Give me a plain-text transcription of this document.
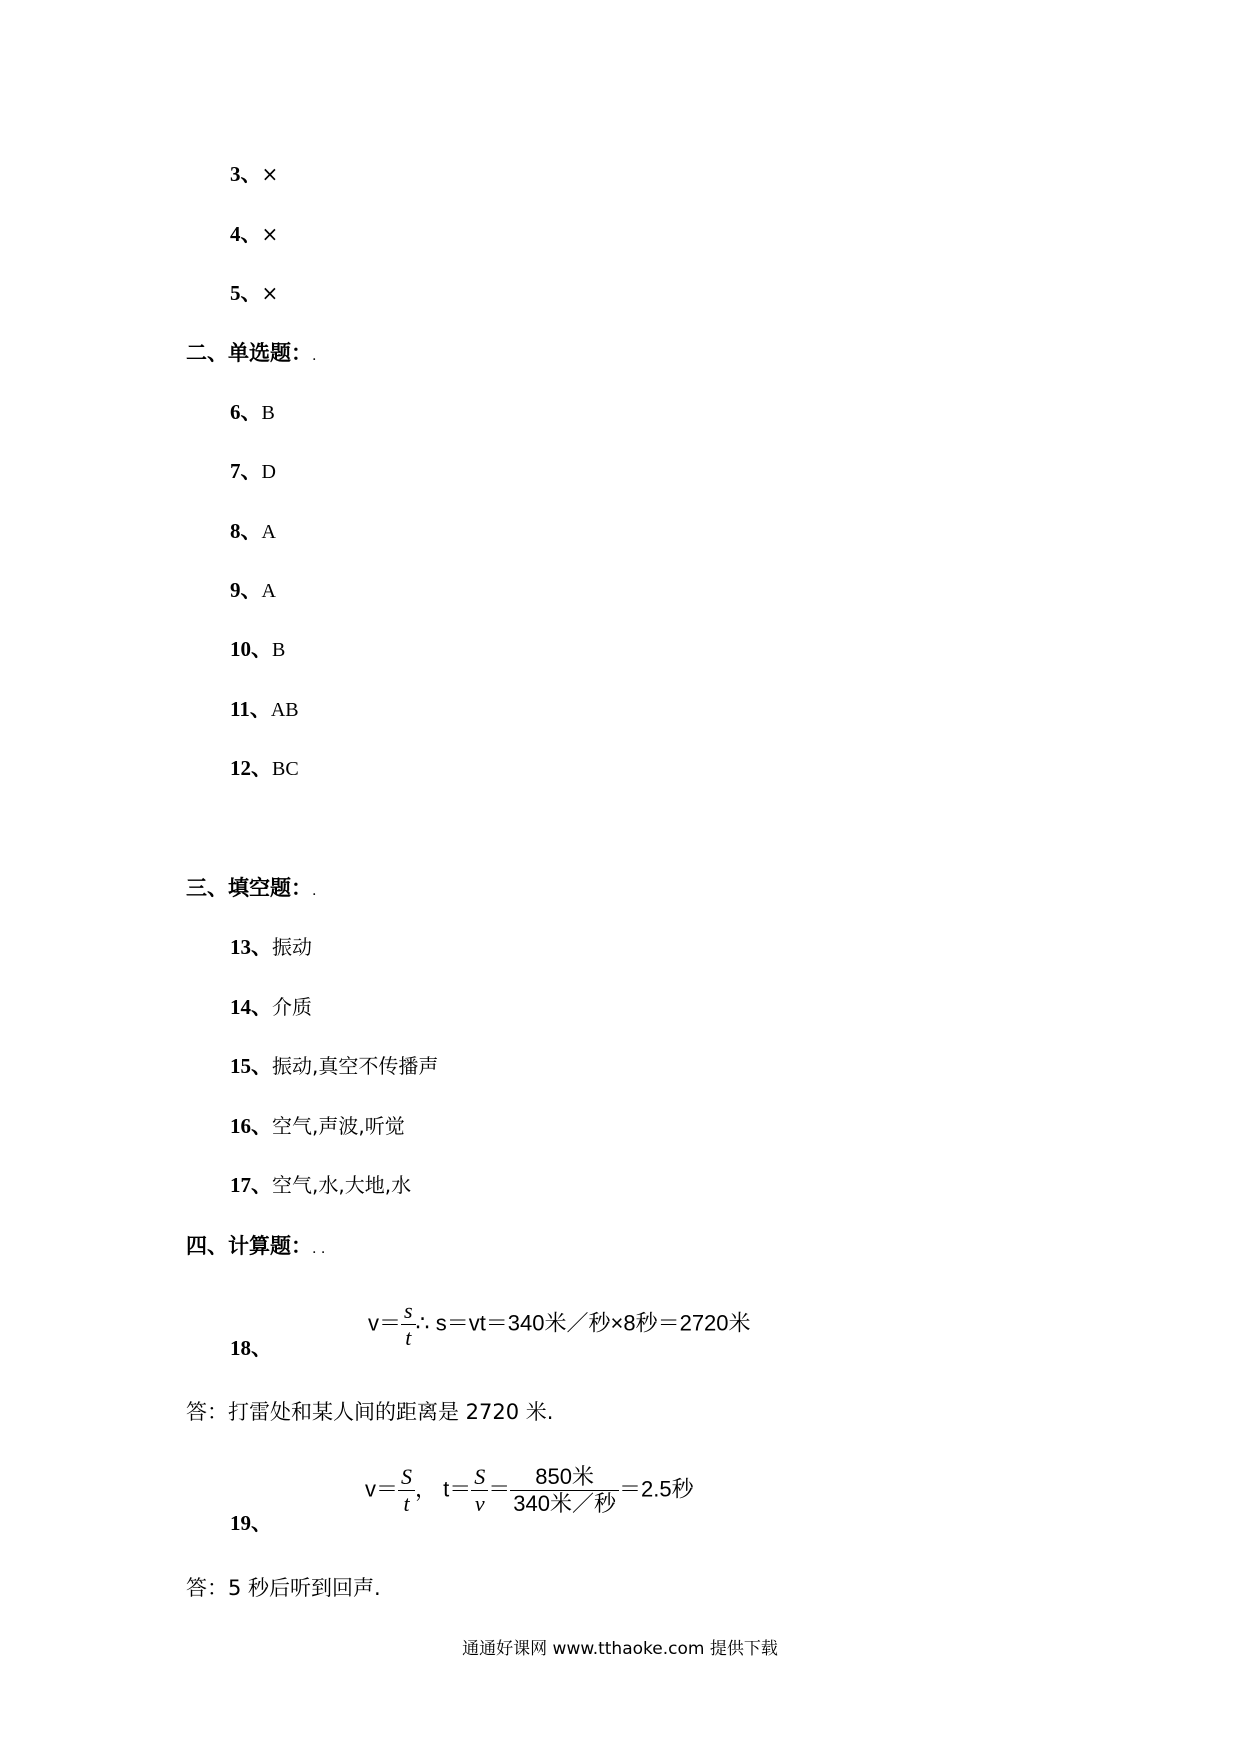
3、×
4、×
5、×
二、单选题：.
6、B
7、D
8、A
9、A
10、B
11、AB
12、BC
三、填空题：.
13、振动
14、介质
15、振动,真空不传播声
16、空气,声波,听觉
17、空气,水,大地,水
四、计算题：. .
$v= \frac{s}{t}$ ∴ s＝vt＝340米／秒×8秒＝2720米
18、
答：打雷处和某人间的距离是 2720 米.
$v= \frac{S}{t}$ ， $t= \frac{S}{v} = \frac{\text{850米}}{\text{340米／秒}} =2.5$秒
19、
答：5 秒后听到回声.
通通好课网 www.tthaoke.com 提供下载
